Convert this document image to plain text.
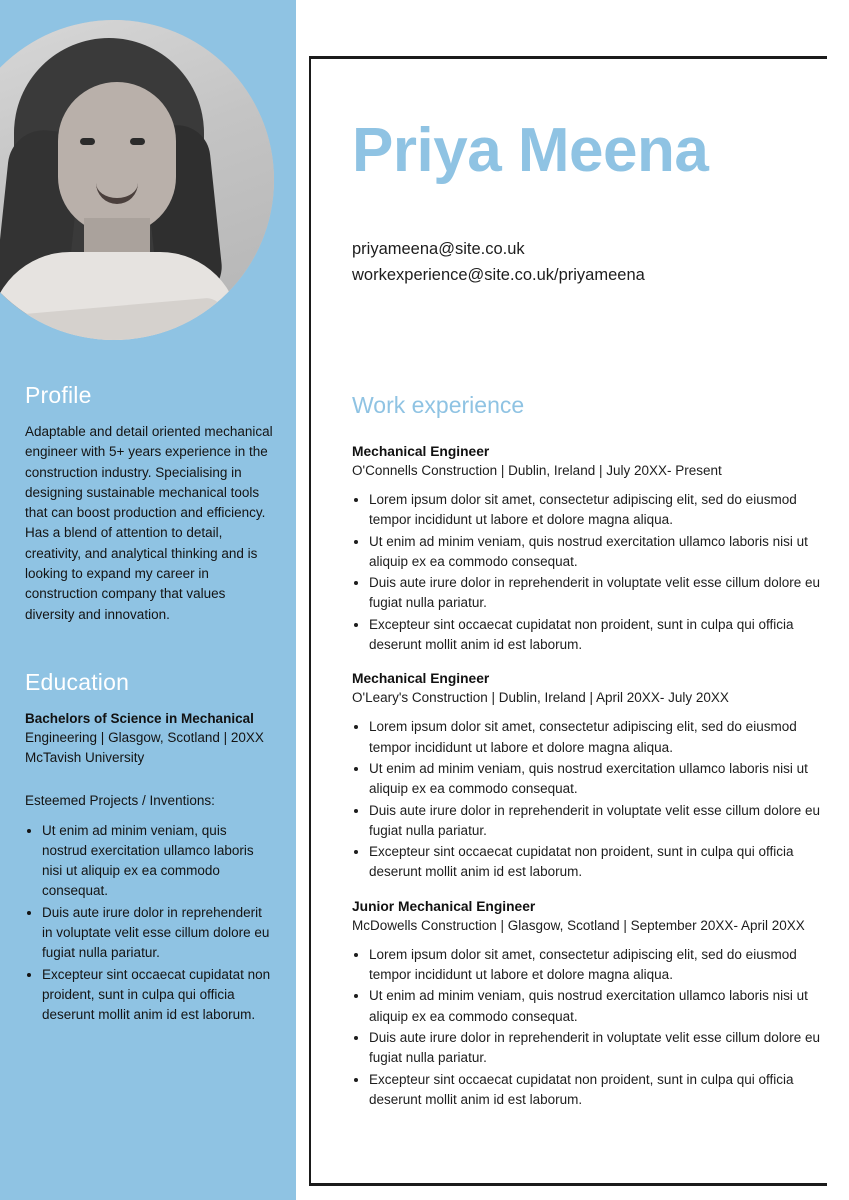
Profile

Adaptable and detail oriented mechanical engineer with 5+ years experience in the construction industry. Specialising in designing sustainable mechanical tools that can boost production and efficiency. Has a blend of attention to detail, creativity, and analytical thinking and is looking to expand my career in construction company that values diversity and innovation.

Education

Bachelors of Science in Mechanical

Engineering | Glasgow, Scotland | 20XX

McTavish University

Esteemed Projects / Inventions:

• Ut enim ad minim veniam, quis nostrud exercitation ullamco laboris nisi ut aliquip ex ea commodo consequat.
• Duis aute irure dolor in reprehenderit in voluptate velit esse cillum dolore eu fugiat nulla pariatur.
• Excepteur sint occaecat cupidatat non proident, sunt in culpa qui officia deserunt mollit anim id est laborum.
Priya Meena
priyameena@site.co.uk
workexperience@site.co.uk/priyameena
Work experience

Mechanical Engineer

O'Connells Construction | Dublin, Ireland | July 20XX- Present

• Lorem ipsum dolor sit amet, consectetur adipiscing elit, sed do eiusmod tempor incididunt ut labore et dolore magna aliqua.
• Ut enim ad minim veniam, quis nostrud exercitation ullamco laboris nisi ut aliquip ex ea commodo consequat.
• Duis aute irure dolor in reprehenderit in voluptate velit esse cillum dolore eu fugiat nulla pariatur.
• Excepteur sint occaecat cupidatat non proident, sunt in culpa qui officia deserunt mollit anim id est laborum.

Mechanical Engineer

O'Leary's Construction | Dublin, Ireland | April 20XX- July 20XX

• Lorem ipsum dolor sit amet, consectetur adipiscing elit, sed do eiusmod tempor incididunt ut labore et dolore magna aliqua.
• Ut enim ad minim veniam, quis nostrud exercitation ullamco laboris nisi ut aliquip ex ea commodo consequat.
• Duis aute irure dolor in reprehenderit in voluptate velit esse cillum dolore eu fugiat nulla pariatur.
• Excepteur sint occaecat cupidatat non proident, sunt in culpa qui officia deserunt mollit anim id est laborum.

Junior Mechanical Engineer

McDowells Construction | Glasgow, Scotland | September 20XX- April 20XX

• Lorem ipsum dolor sit amet, consectetur adipiscing elit, sed do eiusmod tempor incididunt ut labore et dolore magna aliqua.
• Ut enim ad minim veniam, quis nostrud exercitation ullamco laboris nisi ut aliquip ex ea commodo consequat.
• Duis aute irure dolor in reprehenderit in voluptate velit esse cillum dolore eu fugiat nulla pariatur.
• Excepteur sint occaecat cupidatat non proident, sunt in culpa qui officia deserunt mollit anim id est laborum.
